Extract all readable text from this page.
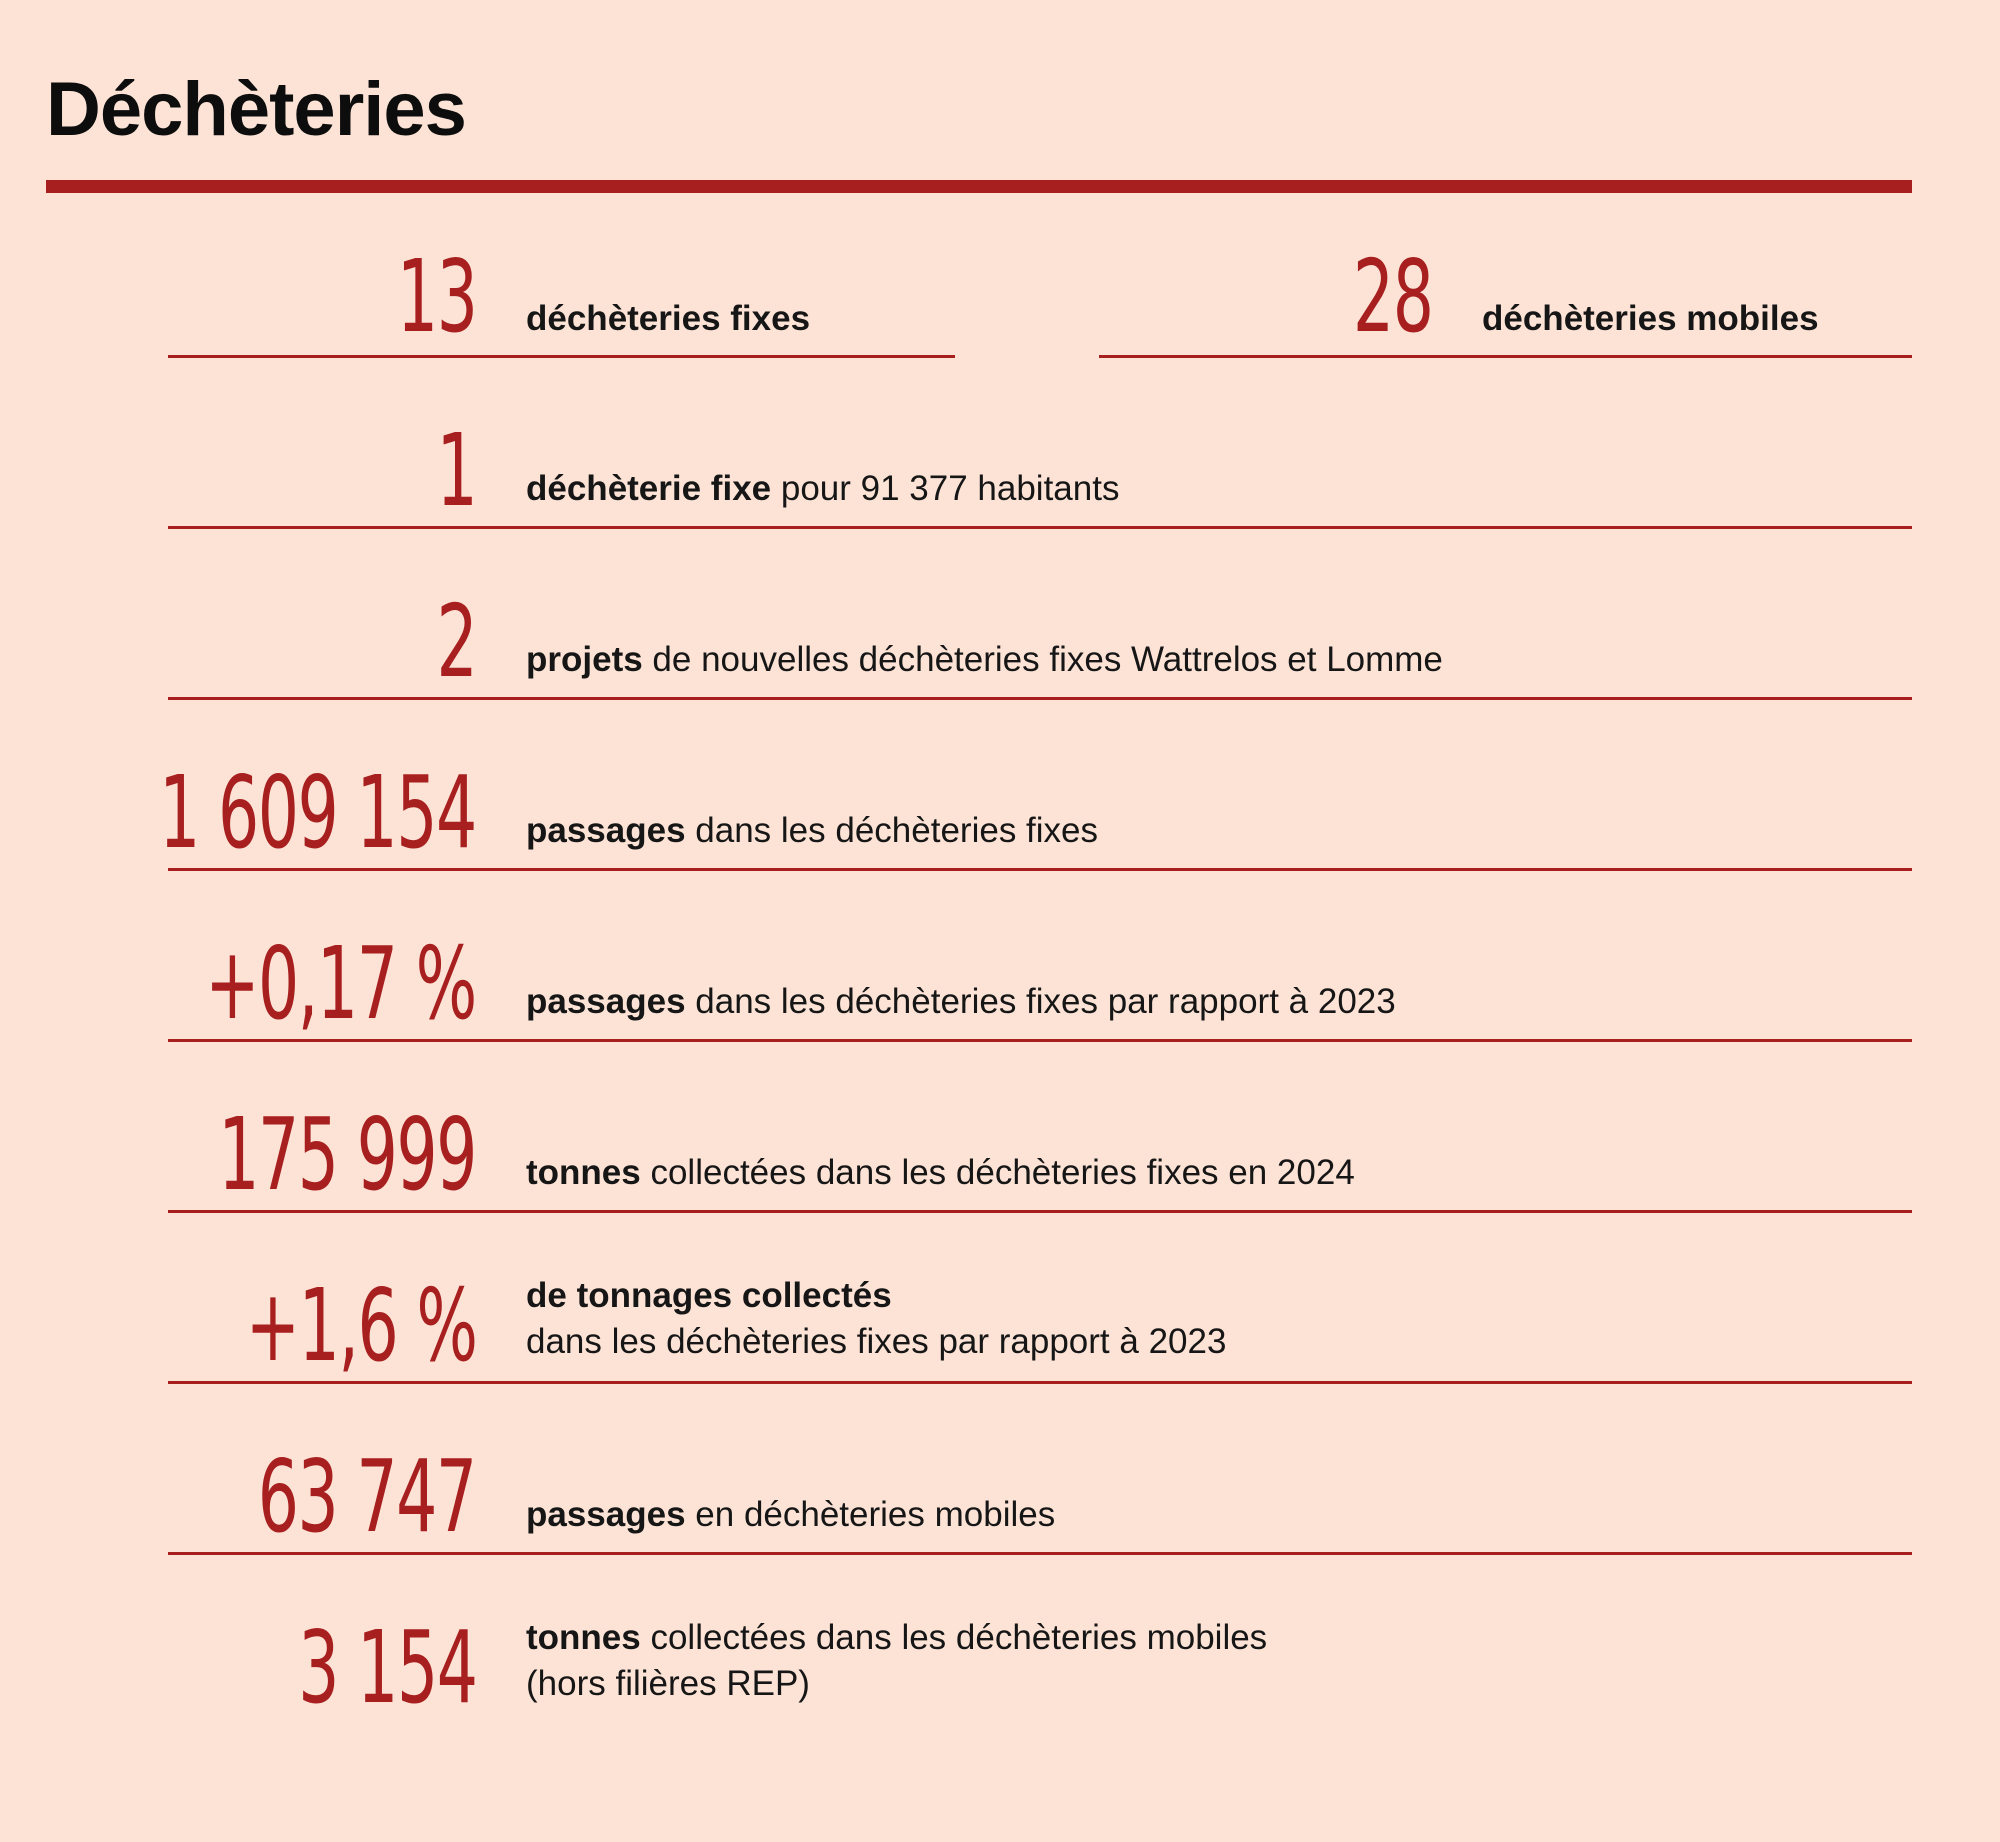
Déchèteries
13 déchèteries fixes	28 déchèteries mobiles
1 déchèterie fixe pour 91 377 habitants
2 projets de nouvelles déchèteries fixes Wattrelos et Lomme
1 609 154 passages dans les déchèteries fixes
+0,17 % passages dans les déchèteries fixes par rapport à 2023
175 999 tonnes collectées dans les déchèteries fixes en 2024
+1,6 % de tonnages collectés
dans les déchèteries fixes par rapport à 2023
63 747 passages en déchèteries mobiles
3 154 tonnes collectées dans les déchèteries mobiles
(hors filières REP)
